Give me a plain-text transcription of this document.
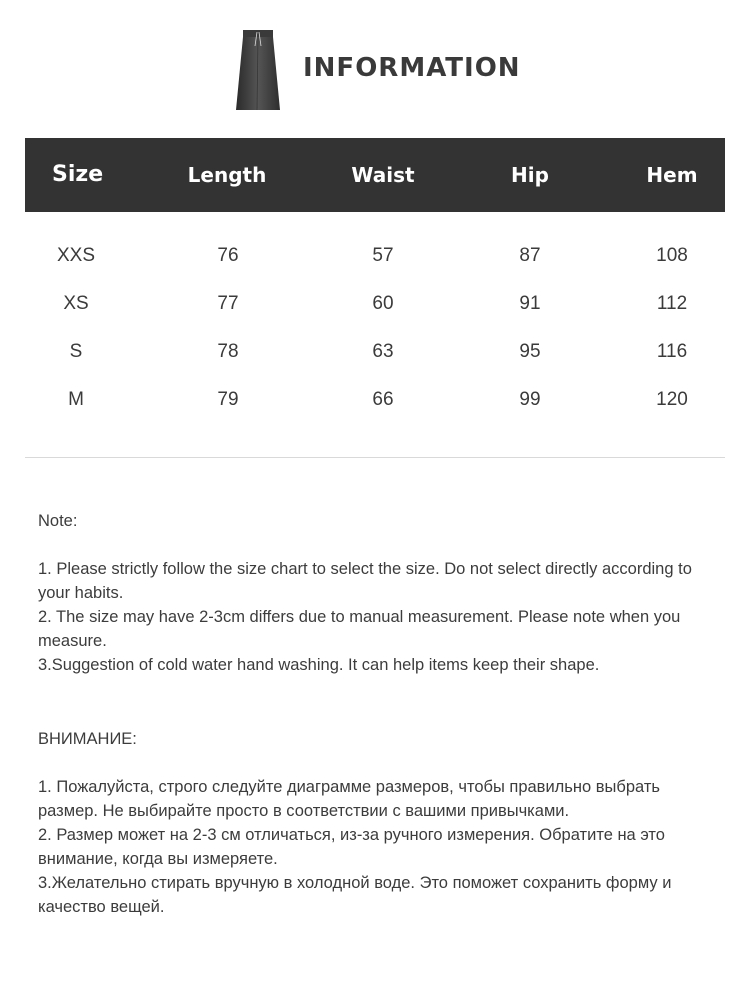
INFORMATION
Size	Length	Waist	Hip	Hem
XXS	76	57	87	108
XS	77	60	91	112
S	78	63	95	116
M	79	66	99	120

Note:

1. Please strictly follow the size chart to select the size. Do not select directly according to your habits.

2. The size may have 2-3cm differs due to manual measurement. Please note when you measure.

3.Suggestion of cold water hand washing. It can help items keep their shape.

ВНИМАНИЕ:

1. Пожалуйста, строго следуйте диаграмме размеров, чтобы правильно выбрать размер. Не выбирайте просто в соответствии с вашими привычками.

2. Размер может на 2-3 см отличаться, из-за ручного измерения. Обратите на это внимание, когда вы измеряете.

3.Желательно стирать вручную в холодной воде. Это поможет сохранить форму и качество вещей.
